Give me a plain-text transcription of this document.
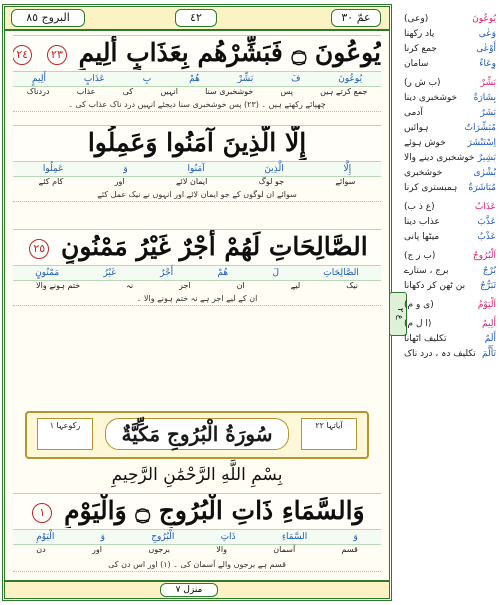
عمّ ٣٠
٤٢
البروج ٨٥
يُوعُونَ ۝ فَبَشِّرْهُم بِعَذَابٍ أَلِيمٍ ٢٣ ٢٤
يُوعُونَ
فَ
بَشِّرْ
هُمْ
بِ
عَذَابٍ
أَلِيمٍ
جمع کرتے ہیں
پس
خوشخبری سنا
انہیں
کی
عذاب
دردناک
چھپائے رکھتے ہیں ۔ (۲۳) پس خوشخبری سنا دیجئے انہیں درد ناک عذاب کی ۔
إِلَّا الَّذِينَ آمَنُوا وَعَمِلُوا
إِلَّا
الَّذِينَ
آمَنُوا
وَ
عَمِلُوا
سوائے
جو لوگ
ایمان لائے
اور
کام کئے
سوائے ان لوگوں کے جو ایمان لائے اور انہوں نے نیک عمل کئے
الصَّالِحَاتِ لَهُمْ أَجْرٌ غَيْرُ مَمْنُونٍ ٢٥
الصَّالِحَاتِ
لَ
هُمْ
أَجْرٌ
غَيْرُ
مَمْنُونٍ
نیک
لیے
ان
اجر
نہ
ختم ہونے والا
ان کے لیے اجر ہے نہ ختم ہونے والا ۔
آیاتہا ۲۲
سُورَةُ الْبُرُوجِ مَكِّيَّةٌ
رکوعہا ۱
بِسْمِ اللَّهِ الرَّحْمَٰنِ الرَّحِيمِ
وَالسَّمَاءِ ذَاتِ الْبُرُوجِ ۝ وَالْيَوْمِ ١
وَ
السَّمَاءِ
ذَاتِ
الْبُرُوجِ
وَ
الْيَوْمِ
قسم
آسمان
والا
برجوں
اور
دن
قسم ہے برجوں والے آسمان کی ۔ (۱) اور اس دن کی
منزل ۷
ع ۲
يُوعُونَ
(وعی)
وَعٰی
یاد رکھنا
أَوْعٰی
جمع کرنا
وِعَاءٌ
سامان
بَشِّرْ
(ب ش ر)
بِشَارَةٌ
خوشخبری دینا
بَشَرٌ
آدمی
مُبَشِّرَاتٌ
ہوائیں
اِسْتَبْشَرَ
خوش ہوئے
بَشِيرٌ
خوشخبری دینے والا
بُشْرٰی
خوشخبری
مُبَاشَرَةٌ
ہمبستری کرنا
عَذَابٌ
(ع ذ ب)
عَذَّبَ
عذاب دینا
عَذْبٌ
میٹھا پانی
اَلْبُرُوجُ
(ب ر ج)
بُرْجٌ
برج ، ستارے
تَبَرُّجٌ
بن ٹھن کر دکھانا
اَلْيَوْمُ
(ی و م)
أَلِيمٌ
(ا ل م)
أَلَمٌ
تکلیف اٹھانا
تَأَلَّمَ
تکلیف دہ ، درد ناک
